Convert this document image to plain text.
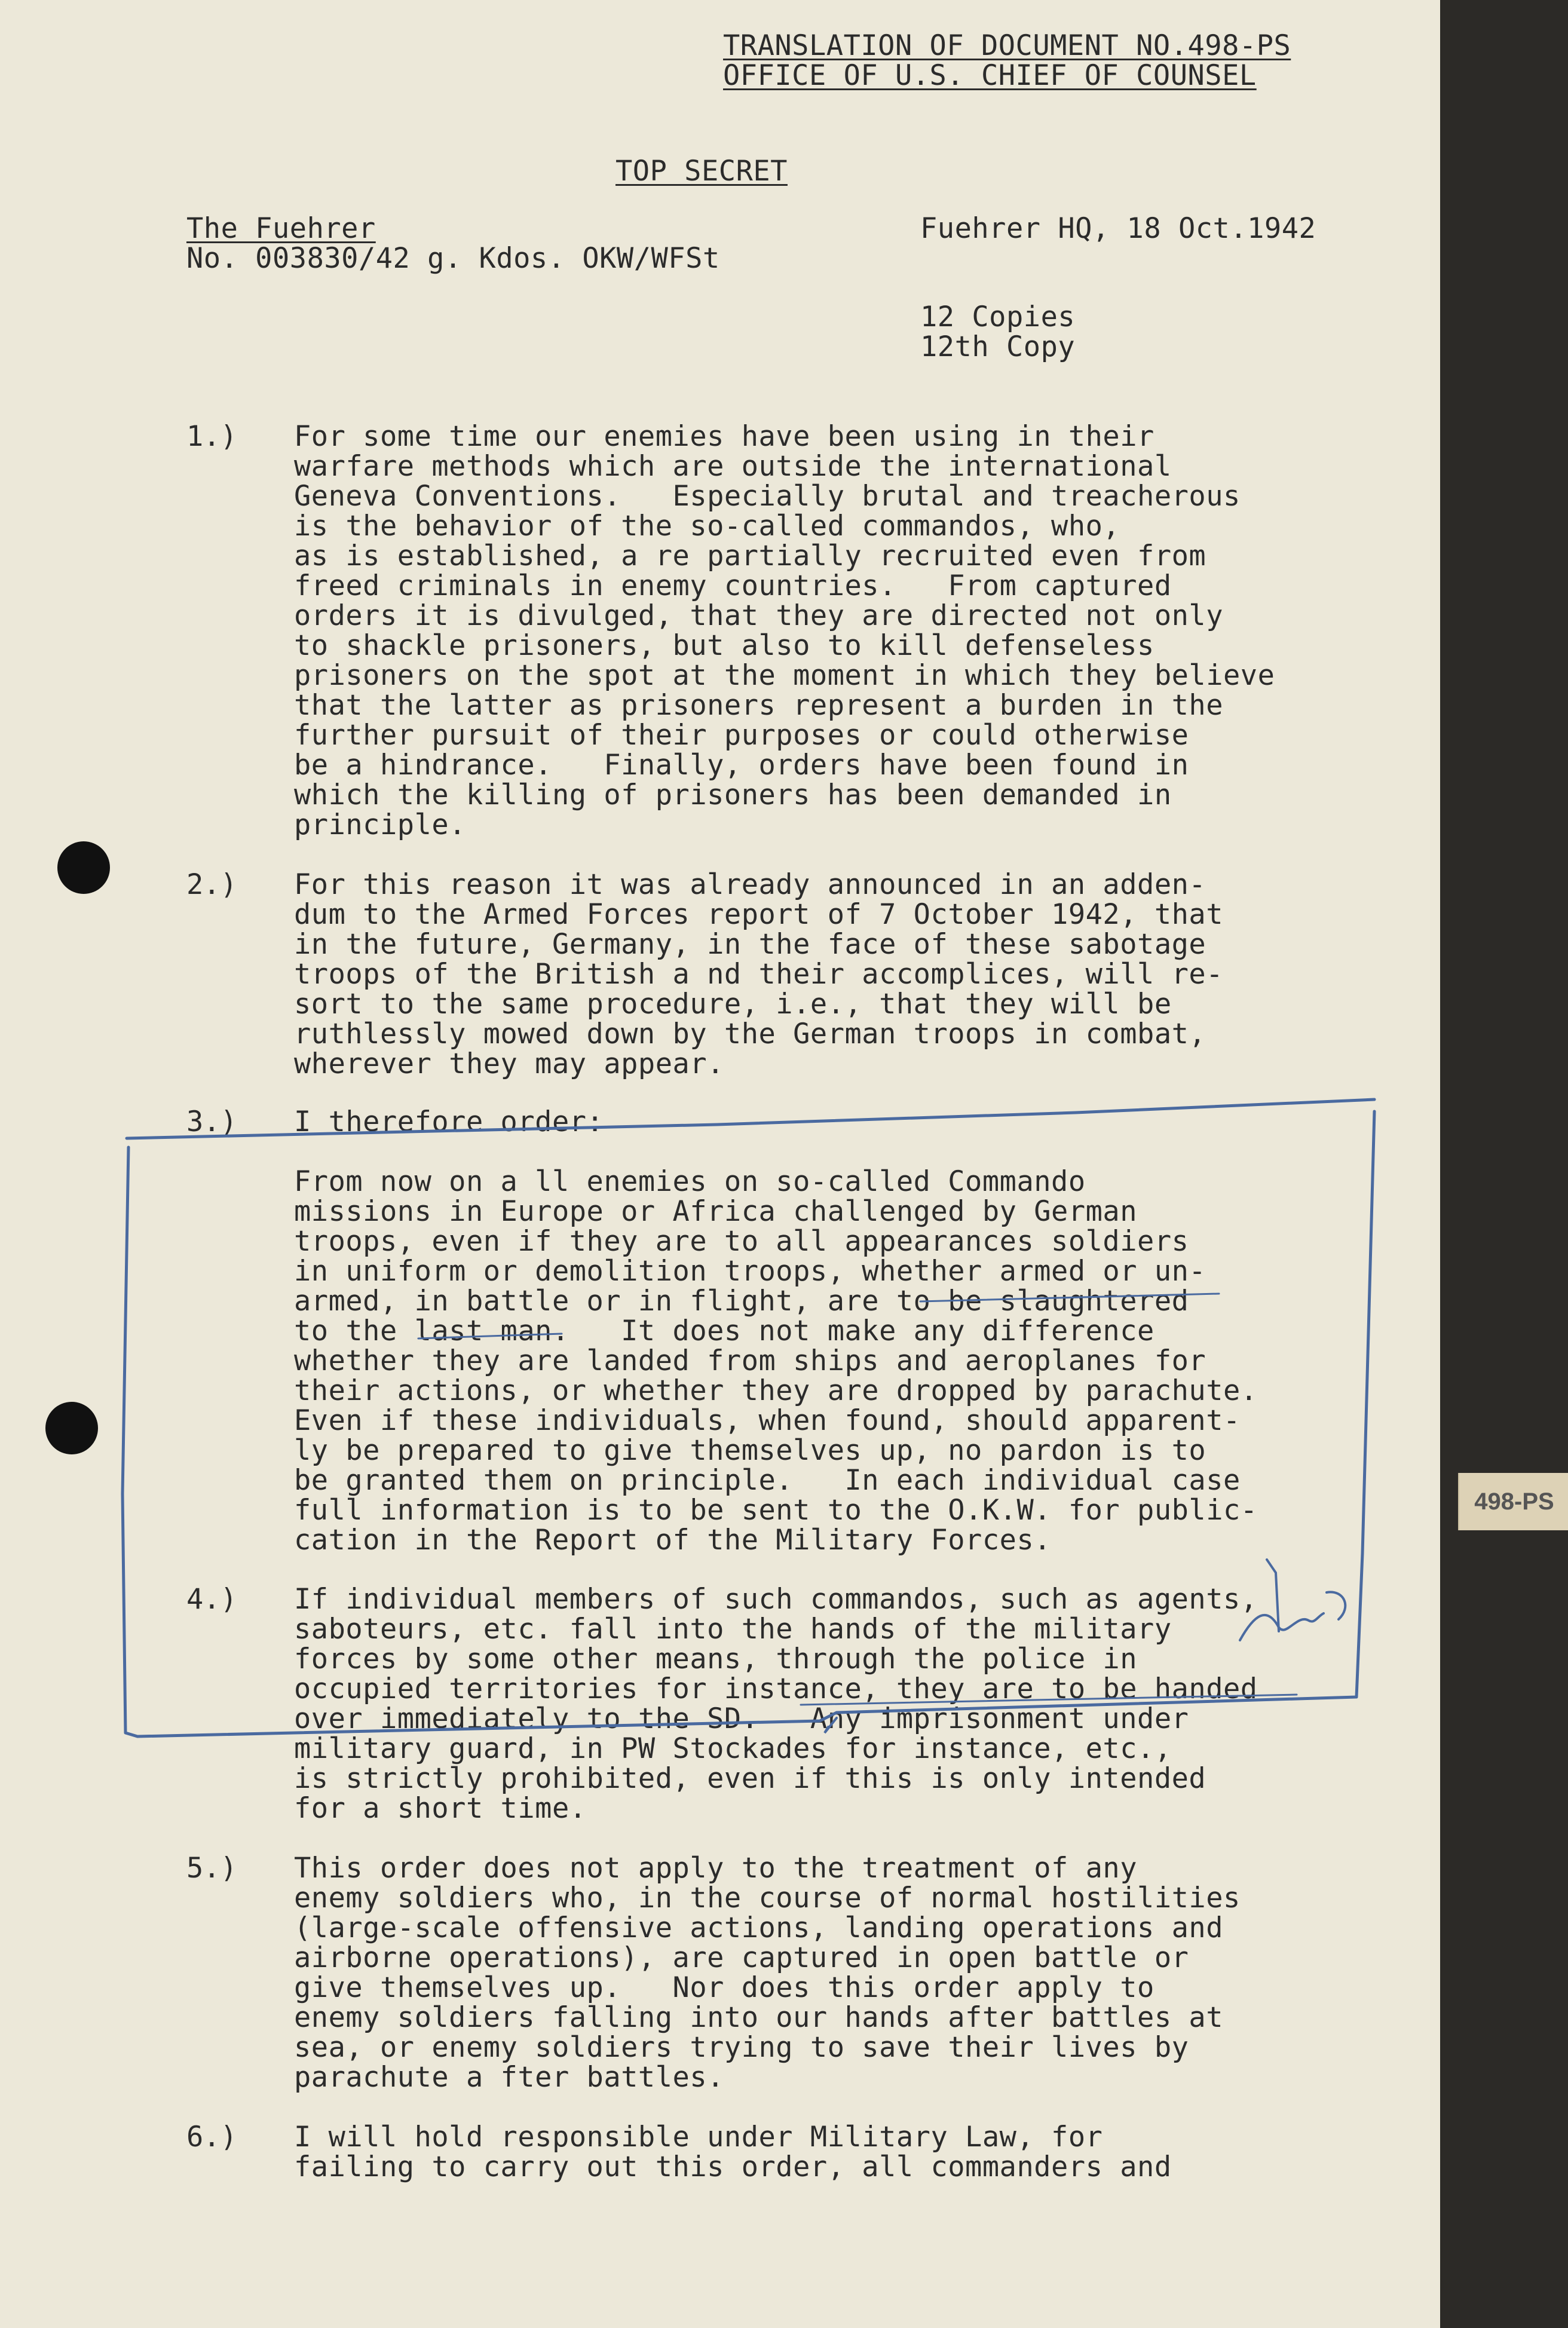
TRANSLATION OF DOCUMENT NO.498-PS
OFFICE OF U.S. CHIEF OF COUNSEL
TOP SECRET
The Fuehrer
No. 003830/42 g. Kdos. OKW/WFSt
Fuehrer HQ, 18 Oct.1942
12 Copies
12th Copy
1.) For some time our enemies have been using in their
warfare methods which are outside the international
Geneva Conventions.   Especially brutal and treacherous
is the behavior of the so-called commandos, who,
as is established, a re partially recruited even from
freed criminals in enemy countries.   From captured
orders it is divulged, that they are directed not only
to shackle prisoners, but also to kill defenseless
prisoners on the spot at the moment in which they believe
that the latter as prisoners represent a burden in the
further pursuit of their purposes or could otherwise
be a hindrance.   Finally, orders have been found in
which the killing of prisoners has been demanded in
principle.
2.) For this reason it was already announced in an adden-
dum to the Armed Forces report of 7 October 1942, that
in the future, Germany, in the face of these sabotage
troops of the British a nd their accomplices, will re-
sort to the same procedure, i.e., that they will be
ruthlessly mowed down by the German troops in combat,
wherever they may appear.
3.) I therefore order:
From now on a ll enemies on so-called Commando
missions in Europe or Africa challenged by German
troops, even if they are to all appearances soldiers
in uniform or demolition troops, whether armed or un-
armed, in battle or in flight, are to be slaughtered
to the last man.   It does not make any difference
whether they are landed from ships and aeroplanes for
their actions, or whether they are dropped by parachute.
Even if these individuals, when found, should apparent-
ly be prepared to give themselves up, no pardon is to
be granted them on principle.   In each individual case
full information is to be sent to the O.K.W. for public-
cation in the Report of the Military Forces.
4.) If individual members of such commandos, such as agents,
saboteurs, etc. fall into the hands of the military
forces by some other means, through the police in
occupied territories for instance, they are to be handed
over immediately to the SD.   Any imprisonment under
military guard, in PW Stockades for instance, etc.,
is strictly prohibited, even if this is only intended
for a short time.
5.) This order does not apply to the treatment of any
enemy soldiers who, in the course of normal hostilities
(large-scale offensive actions, landing operations and
airborne operations), are captured in open battle or
give themselves up.   Nor does this order apply to
enemy soldiers falling into our hands after battles at
sea, or enemy soldiers trying to save their lives by
parachute a fter battles.
6.) I will hold responsible under Military Law, for
failing to carry out this order, all commanders and
498-PS
